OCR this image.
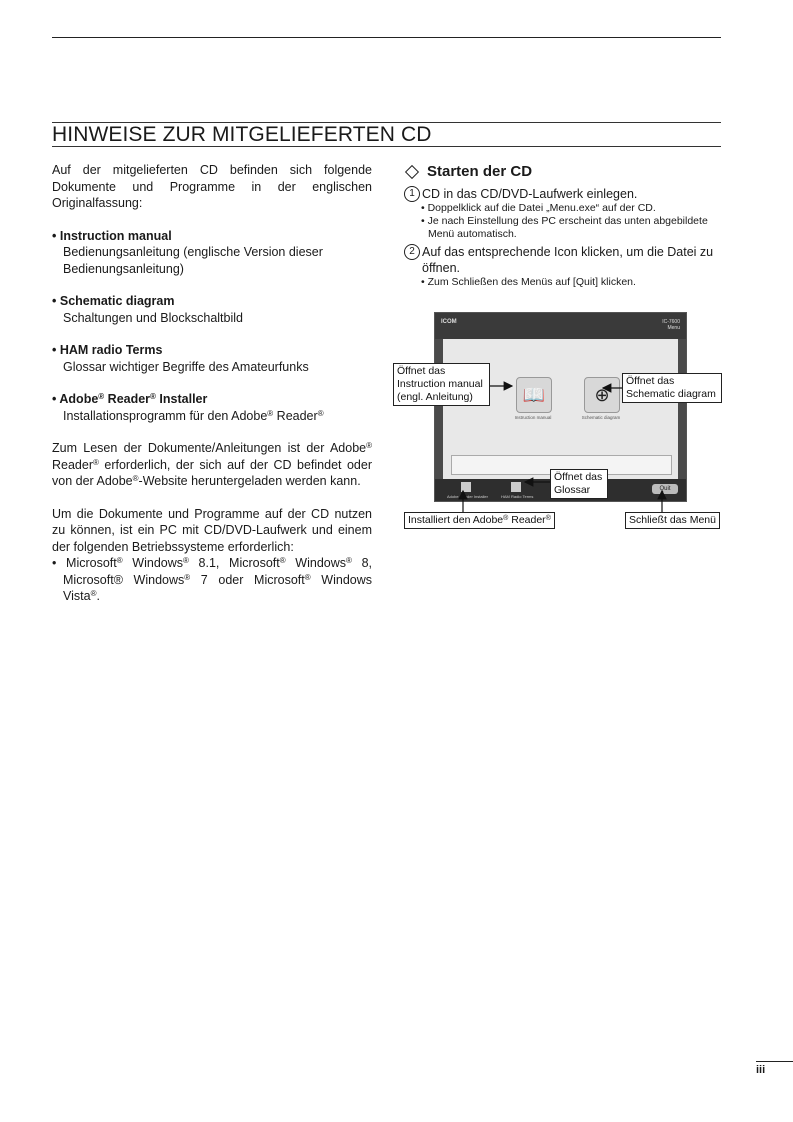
HINWEISE ZUR MITGELIEFERTEN CD

Auf der mitgelieferten CD befinden sich folgende Dokumente und Programme in der englischen Originalfassung:

• Instruction manual
Bedienungsanleitung (englische Version dieser Bedienungsanleitung)
• Schematic diagram
Schaltungen und Blockschaltbild
• HAM radio Terms
Glossar wichtiger Begriffe des Amateurfunks
• Adobe® Reader® Installer
Installationsprogramm für den Adobe® Reader®

Zum Lesen der Dokumente/Anleitungen ist der Adobe® Reader® erforderlich, der sich auf der CD befindet oder von der Adobe®-Website heruntergeladen werden kann.

Um die Dokumente und Programme auf der CD nutzen zu können, ist ein PC mit CD/DVD-Laufwerk und einem der folgenden Betriebssysteme erforderlich:

• Microsoft® Windows® 8.1, Microsoft® Windows® 8, Microsoft® Windows® 7 oder Microsoft® Windows Vista®.

Starten der CD
1 CD in das CD/DVD-Laufwerk einlegen.
• Doppelklick auf die Datei „Menu.exe“ auf der CD.
• Je nach Einstellung des PC erscheint das unten abgebildete Menü automatisch.
2 Auf das entsprechende Icon klicken, um die Datei zu öffnen.
• Zum Schließen des Menüs auf [Quit] klicken.
ICOM	IC-7600
Menu
📖
Instruction manual
⊕
Schematic diagram
Adobe Reader Installer	HAM Radio Terms
Quit
Öffnet das Instruction manual (engl. Anleitung)
Öffnet das Schematic diagram
Öffnet das Glossar
Installiert den Adobe® Reader®	Schließt das Menü
iii
